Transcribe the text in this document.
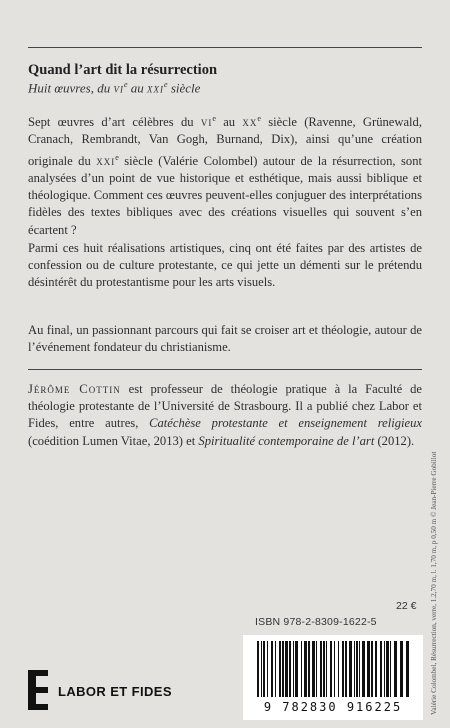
Quand l’art dit la résurrection
Huit œuvres, du $vi^e$ au xxi$^e$ siècle
Sept œuvres d’art célèbres du $vi^e$ au $xx^e$ siècle (Ravenne, Grünewald, Cranach, Rembrandt, Van Gogh, Burnand, Dix), ainsi qu’une création originale du xxi$^e$ siècle (Valérie Colombel) autour de la résurrection, sont analysées d’un point de vue historique et esthétique, mais aussi biblique et théologique. Comment ces œuvres peuvent-elles conjuguer des interprétations fidèles des textes bibliques avec des créations visuelles qui souvent s’en écartent ?
Parmi ces huit réalisations artistiques, cinq ont été faites par des artistes de confession ou de culture protestante, ce qui jette un démenti sur le prétendu désintérêt du protestantisme pour les arts visuels.
Au final, un passionnant parcours qui fait se croiser art et théologie, autour de l’événement fondateur du christianisme.
Jérôme Cottin est professeur de théologie pratique à la Faculté de théologie protestante de l’Université de Strasbourg. Il a publié chez Labor et Fides, entre autres, Catéchèse protestante et enseignement religieux (coédition Lumen Vitae, 2013) et Spiritualité contemporaine de l’art (2012).
Valérie Colombel, Résurrection, verre, 1.2,70 m, l. 1,70 m, p 0,50 m © Jean-Pierre Gobillot
22 €
ISBN 978-2-8309-1622-5
9 782830 916225
LABOR ET FIDES
